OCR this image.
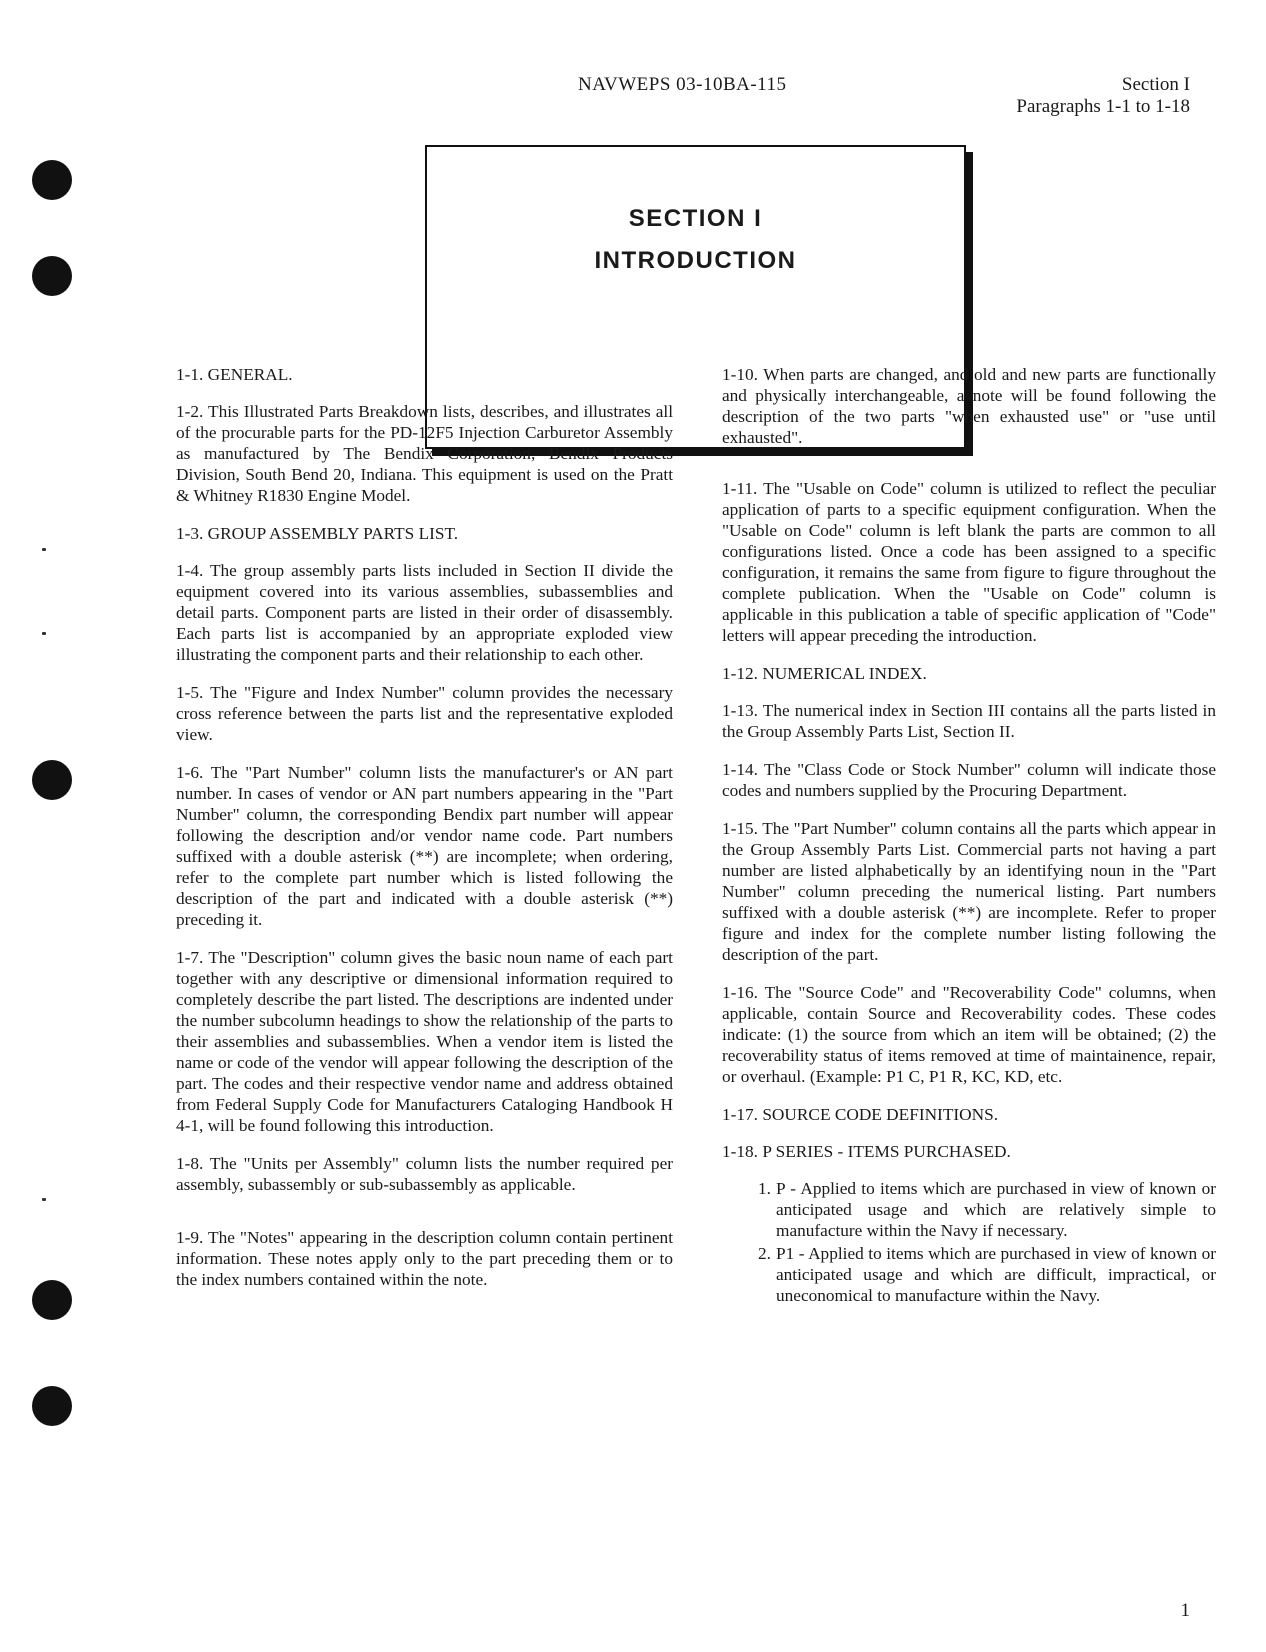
NAVWEPS 03-10BA-115	Section I
Paragraphs 1-1 to 1-18
SECTION I
INTRODUCTION

1-1. GENERAL.

1-2. This Illustrated Parts Breakdown lists, describes, and illustrates all of the procurable parts for the PD-12F5 Injection Carburetor Assembly as manufactured by The Bendix Corporation, Bendix Products Division, South Bend 20, Indiana. This equipment is used on the Pratt & Whitney R1830 Engine Model.

1-3. GROUP ASSEMBLY PARTS LIST.

1-4. The group assembly parts lists included in Section II divide the equipment covered into its various assemblies, subassemblies and detail parts. Component parts are listed in their order of disassembly. Each parts list is accompanied by an appropriate exploded view illustrating the component parts and their relationship to each other.

1-5. The "Figure and Index Number" column provides the necessary cross reference between the parts list and the representative exploded view.

1-6. The "Part Number" column lists the manufacturer's or AN part number. In cases of vendor or AN part numbers appearing in the "Part Number" column, the corresponding Bendix part number will appear following the description and/or vendor name code. Part numbers suffixed with a double asterisk (**) are incomplete; when ordering, refer to the complete part number which is listed following the description of the part and indicated with a double asterisk (**) preceding it.

1-7. The "Description" column gives the basic noun name of each part together with any descriptive or dimensional information required to completely describe the part listed. The descriptions are indented under the number subcolumn headings to show the relationship of the parts to their assemblies and subassemblies. When a vendor item is listed the name or code of the vendor will appear following the description of the part. The codes and their respective vendor name and address obtained from Federal Supply Code for Manufacturers Cataloging Handbook H 4-1, will be found following this introduction.

1-8. The "Units per Assembly" column lists the number required per assembly, subassembly or sub-subassembly as applicable.

1-9. The "Notes" appearing in the description column contain pertinent information. These notes apply only to the part preceding them or to the index numbers contained within the note.

1-10. When parts are changed, and old and new parts are functionally and physically interchangeable, a note will be found following the description of the two parts "when exhausted use" or "use until exhausted".

1-11. The "Usable on Code" column is utilized to reflect the peculiar application of parts to a specific equipment configuration. When the "Usable on Code" column is left blank the parts are common to all configurations listed. Once a code has been assigned to a specific configuration, it remains the same from figure to figure throughout the complete publication. When the "Usable on Code" column is applicable in this publication a table of specific application of "Code" letters will appear preceding the introduction.

1-12. NUMERICAL INDEX.

1-13. The numerical index in Section III contains all the parts listed in the Group Assembly Parts List, Section II.

1-14. The "Class Code or Stock Number" column will indicate those codes and numbers supplied by the Procuring Department.

1-15. The "Part Number" column contains all the parts which appear in the Group Assembly Parts List. Commercial parts not having a part number are listed alphabetically by an identifying noun in the "Part Number" column preceding the numerical listing. Part numbers suffixed with a double asterisk (**) are incomplete. Refer to proper figure and index for the complete number listing following the description of the part.

1-16. The "Source Code" and "Recoverability Code" columns, when applicable, contain Source and Recoverability codes. These codes indicate: (1) the source from which an item will be obtained; (2) the recoverability status of items removed at time of maintainence, repair, or overhaul. (Example: P1 C, P1 R, KC, KD, etc.

1-17. SOURCE CODE DEFINITIONS.

1-18. P SERIES - ITEMS PURCHASED.

1. P - Applied to items which are purchased in view of known or anticipated usage and which are relatively simple to manufacture within the Navy if necessary.
2. P1 - Applied to items which are purchased in view of known or anticipated usage and which are difficult, impractical, or uneconomical to manufacture within the Navy.
1
